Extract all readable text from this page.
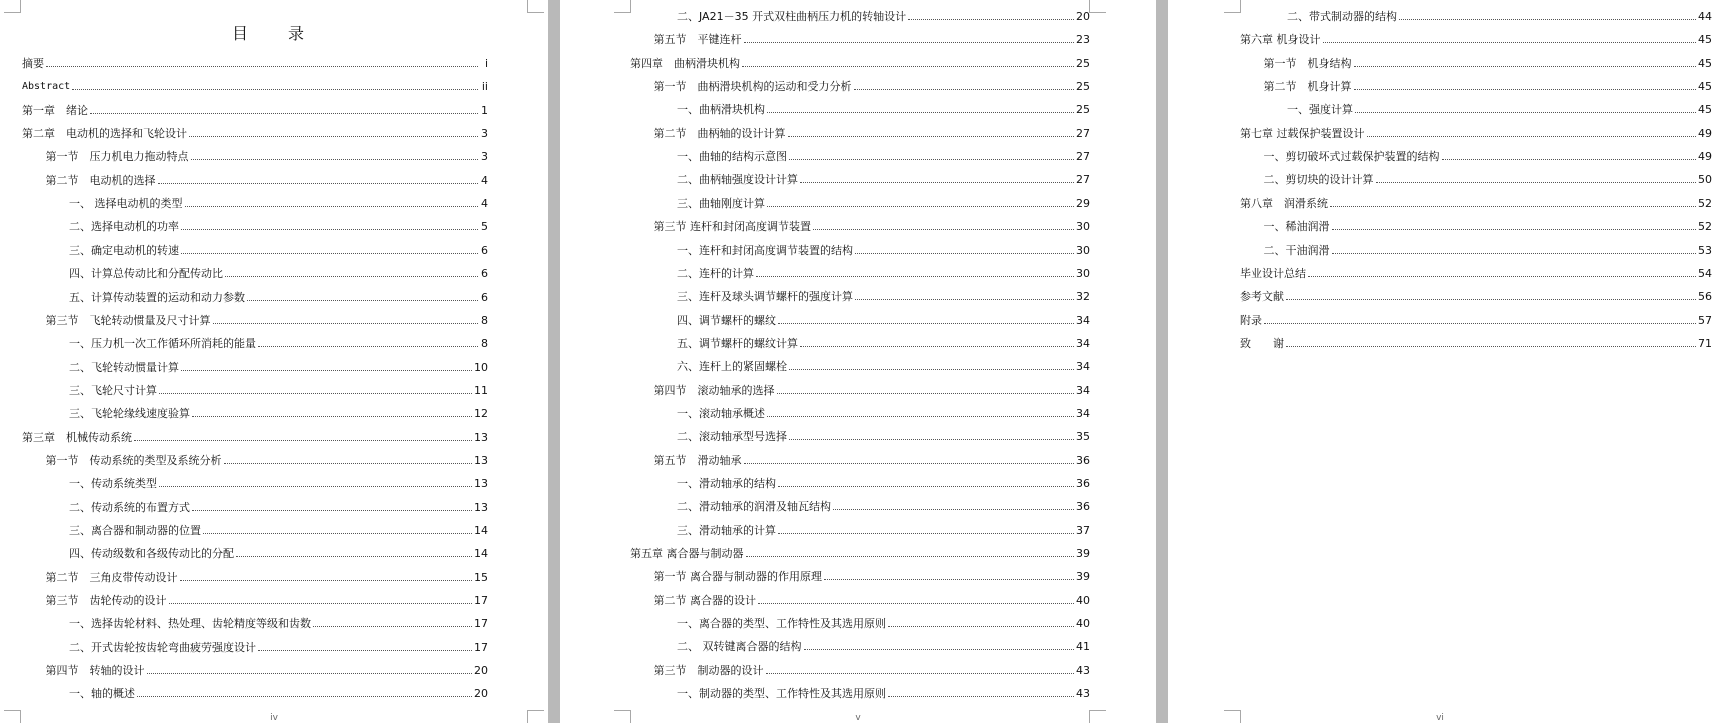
目　录
摘要	i
Abstract	ii
第一章　绪论	1
第二章　电动机的选择和飞轮设计	3
第一节　压力机电力拖动特点	3
第二节　电动机的选择	4
一、 选择电动机的类型	4
二、选择电动机的功率	5
三、确定电动机的转速	6
四、计算总传动比和分配传动比	6
五、计算传动装置的运动和动力参数	6
第三节　飞轮转动惯量及尺寸计算	8
一、压力机一次工作循环所消耗的能量	8
二、飞轮转动惯量计算	10
三、飞轮尺寸计算	11
三、飞轮轮缘线速度验算	12
第三章　机械传动系统	13
第一节　传动系统的类型及系统分析	13
一、传动系统类型	13
二、传动系统的布置方式	13
三、离合器和制动器的位置	14
四、传动级数和各级传动比的分配	14
第二节　三角皮带传动设计	15
第三节　齿轮传动的设计	17
一、选择齿轮材料、热处理、齿轮精度等级和齿数	17
二、开式齿轮按齿轮弯曲疲劳强度设计	17
第四节　转轴的设计	20
一、轴的概述	20
iv
二、JA21－35 开式双柱曲柄压力机的转轴设计	20
第五节　平键连杆	23
第四章　曲柄滑块机构	25
第一节　曲柄滑块机构的运动和受力分析	25
一、曲柄滑块机构	25
第二节　曲柄轴的设计计算	27
一、曲轴的结构示意图	27
二、曲柄轴强度设计计算	27
三、曲轴刚度计算	29
第三节 连杆和封闭高度调节装置	30
一、连杆和封闭高度调节装置的结构	30
二、连杆的计算	30
三、连杆及球头调节螺杆的强度计算	32
四、调节螺杆的螺纹	34
五、调节螺杆的螺纹计算	34
六、连杆上的紧固螺栓	34
第四节　滚动轴承的选择	34
一、滚动轴承概述	34
二、滚动轴承型号选择	35
第五节　滑动轴承	36
一、滑动轴承的结构	36
二、滑动轴承的润滑及轴瓦结构	36
三、滑动轴承的计算	37
第五章 离合器与制动器	39
第一节 离合器与制动器的作用原理	39
第二节 离合器的设计	40
一、离合器的类型、工作特性及其选用原则	40
二、 双转键离合器的结构	41
第三节　制动器的设计	43
一、制动器的类型、工作特性及其选用原则	43
v
二、带式制动器的结构	44
第六章 机身设计	45
第一节　机身结构	45
第二节　机身计算	45
一、强度计算	45
第七章 过载保护装置设计	49
一、剪切破坏式过载保护装置的结构	49
二、剪切块的设计计算	50
第八章　润滑系统	52
一、稀油润滑	52
二、干油润滑	53
毕业设计总结	54
参考文献	56
附录	57
致　　谢	71
vi
